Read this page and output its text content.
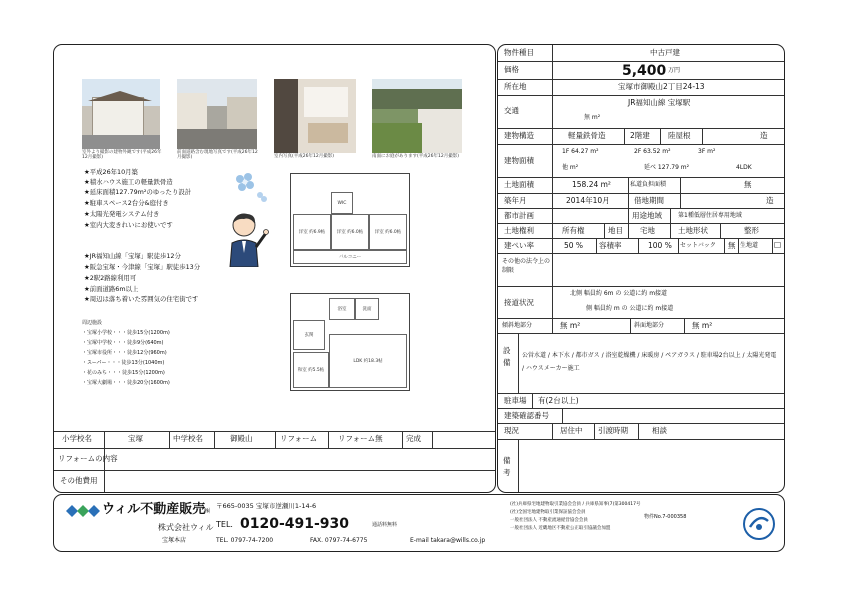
室外より撮影の建物外観です(平成26年12月撮影)
前面道路含む現地写真です(平成26年12月撮影)	室内写真(平成26年12月撮影)	南面にお庭があります(平成26年12月撮影)
★平成26年10月築
★積水ハウス施工の軽量鉄骨造
★延床面積127.79m²のゆったり設計
★駐車スペース2台分&庭付き
★太陽光発電システム付き
★室内大変きれいにお使いです
★JR福知山線「宝塚」駅徒歩12分
★阪急宝塚・今津線「宝塚」駅徒歩13分
★2駅2路線利用可
★前面道路6m以上
★周辺は落ち着いた雰囲気の住宅街です
洋室 約6.9帖	洋室 約6.0帖	洋室 約6.0帖
WIC
バルコニー
LDK 約18.3帖
和室 約5.5帖
浴室	洗面
玄関
周辺施設
・宝塚小学校・・・徒歩15分(1200m)
・宝塚中学校・・・徒歩9分(640m)
・宝塚市役所・・・徒歩12分(960m)
・スーパー・・・徒歩13分(1040m)
・花のみち・・・徒歩15分(1200m)
・宝塚大劇場・・・徒歩20分(1600m)
小学校名	宝塚	中学校名	御殿山	リフォーム	リフォーム無	完成
リフォームの内容
その他費用
物件種目	中古戸建
価格	5,400 万円
所在地	宝塚市御殿山2丁目24-13
交通
JR福知山線 宝塚駅
無 m²
建物構造	軽量鉄骨造	2階建 陸屋根	造
建物面積
1F 64.27 m²	2F 63.52 m²	3F m²
他 m²	延べ 127.79 m²	4LDK
土地面積	158.24 m²	私道負担面積	無
築年月	2014年10月	借地期間	造
都市計画	用途地域	第1種低層住居専用地域
土地権利	所有権	地目 宅地	土地形状	整形
建ぺい率	50 % 容積率	100 % セットバック 無 生地道 □
その他の法令上の制限
接道状況
北側 幅員約 6m の 公道に約 m接道
側 幅員約 m の 公道に約 m接道
傾斜地部分	無 m²	斜面地部分	無 m²
設備
公営水道 / 本下水 / 都市ガス / 浴室乾燥機 / 床暖房 / ペアガラス / 駐車場2台以上 / 太陽光発電 / ハウスメーカー施工
駐車場 有(2台以上)
建築確認番号
現況	居住中 引渡時期	相談
備考
ウィル不動産販売
㈱
株式会社ウィル
宝塚本店
〒665-0035 宝塚市逆瀬川1-14-6
TEL. 0120-491-930	通話料無料
TEL. 0797-74-7200	FAX. 0797-74-6775	E-mail takara@wills.co.jp
(社)兵庫県宅地建物取引業協会会員 / 兵庫県知事(7)第300417号
(社)全国宅地建物取引業保証協会会員
一般社団法人 不動産流通経営協会会員
一般社団法人 近畿地区不動産公正取引協議会加盟
物件No.7-000358
